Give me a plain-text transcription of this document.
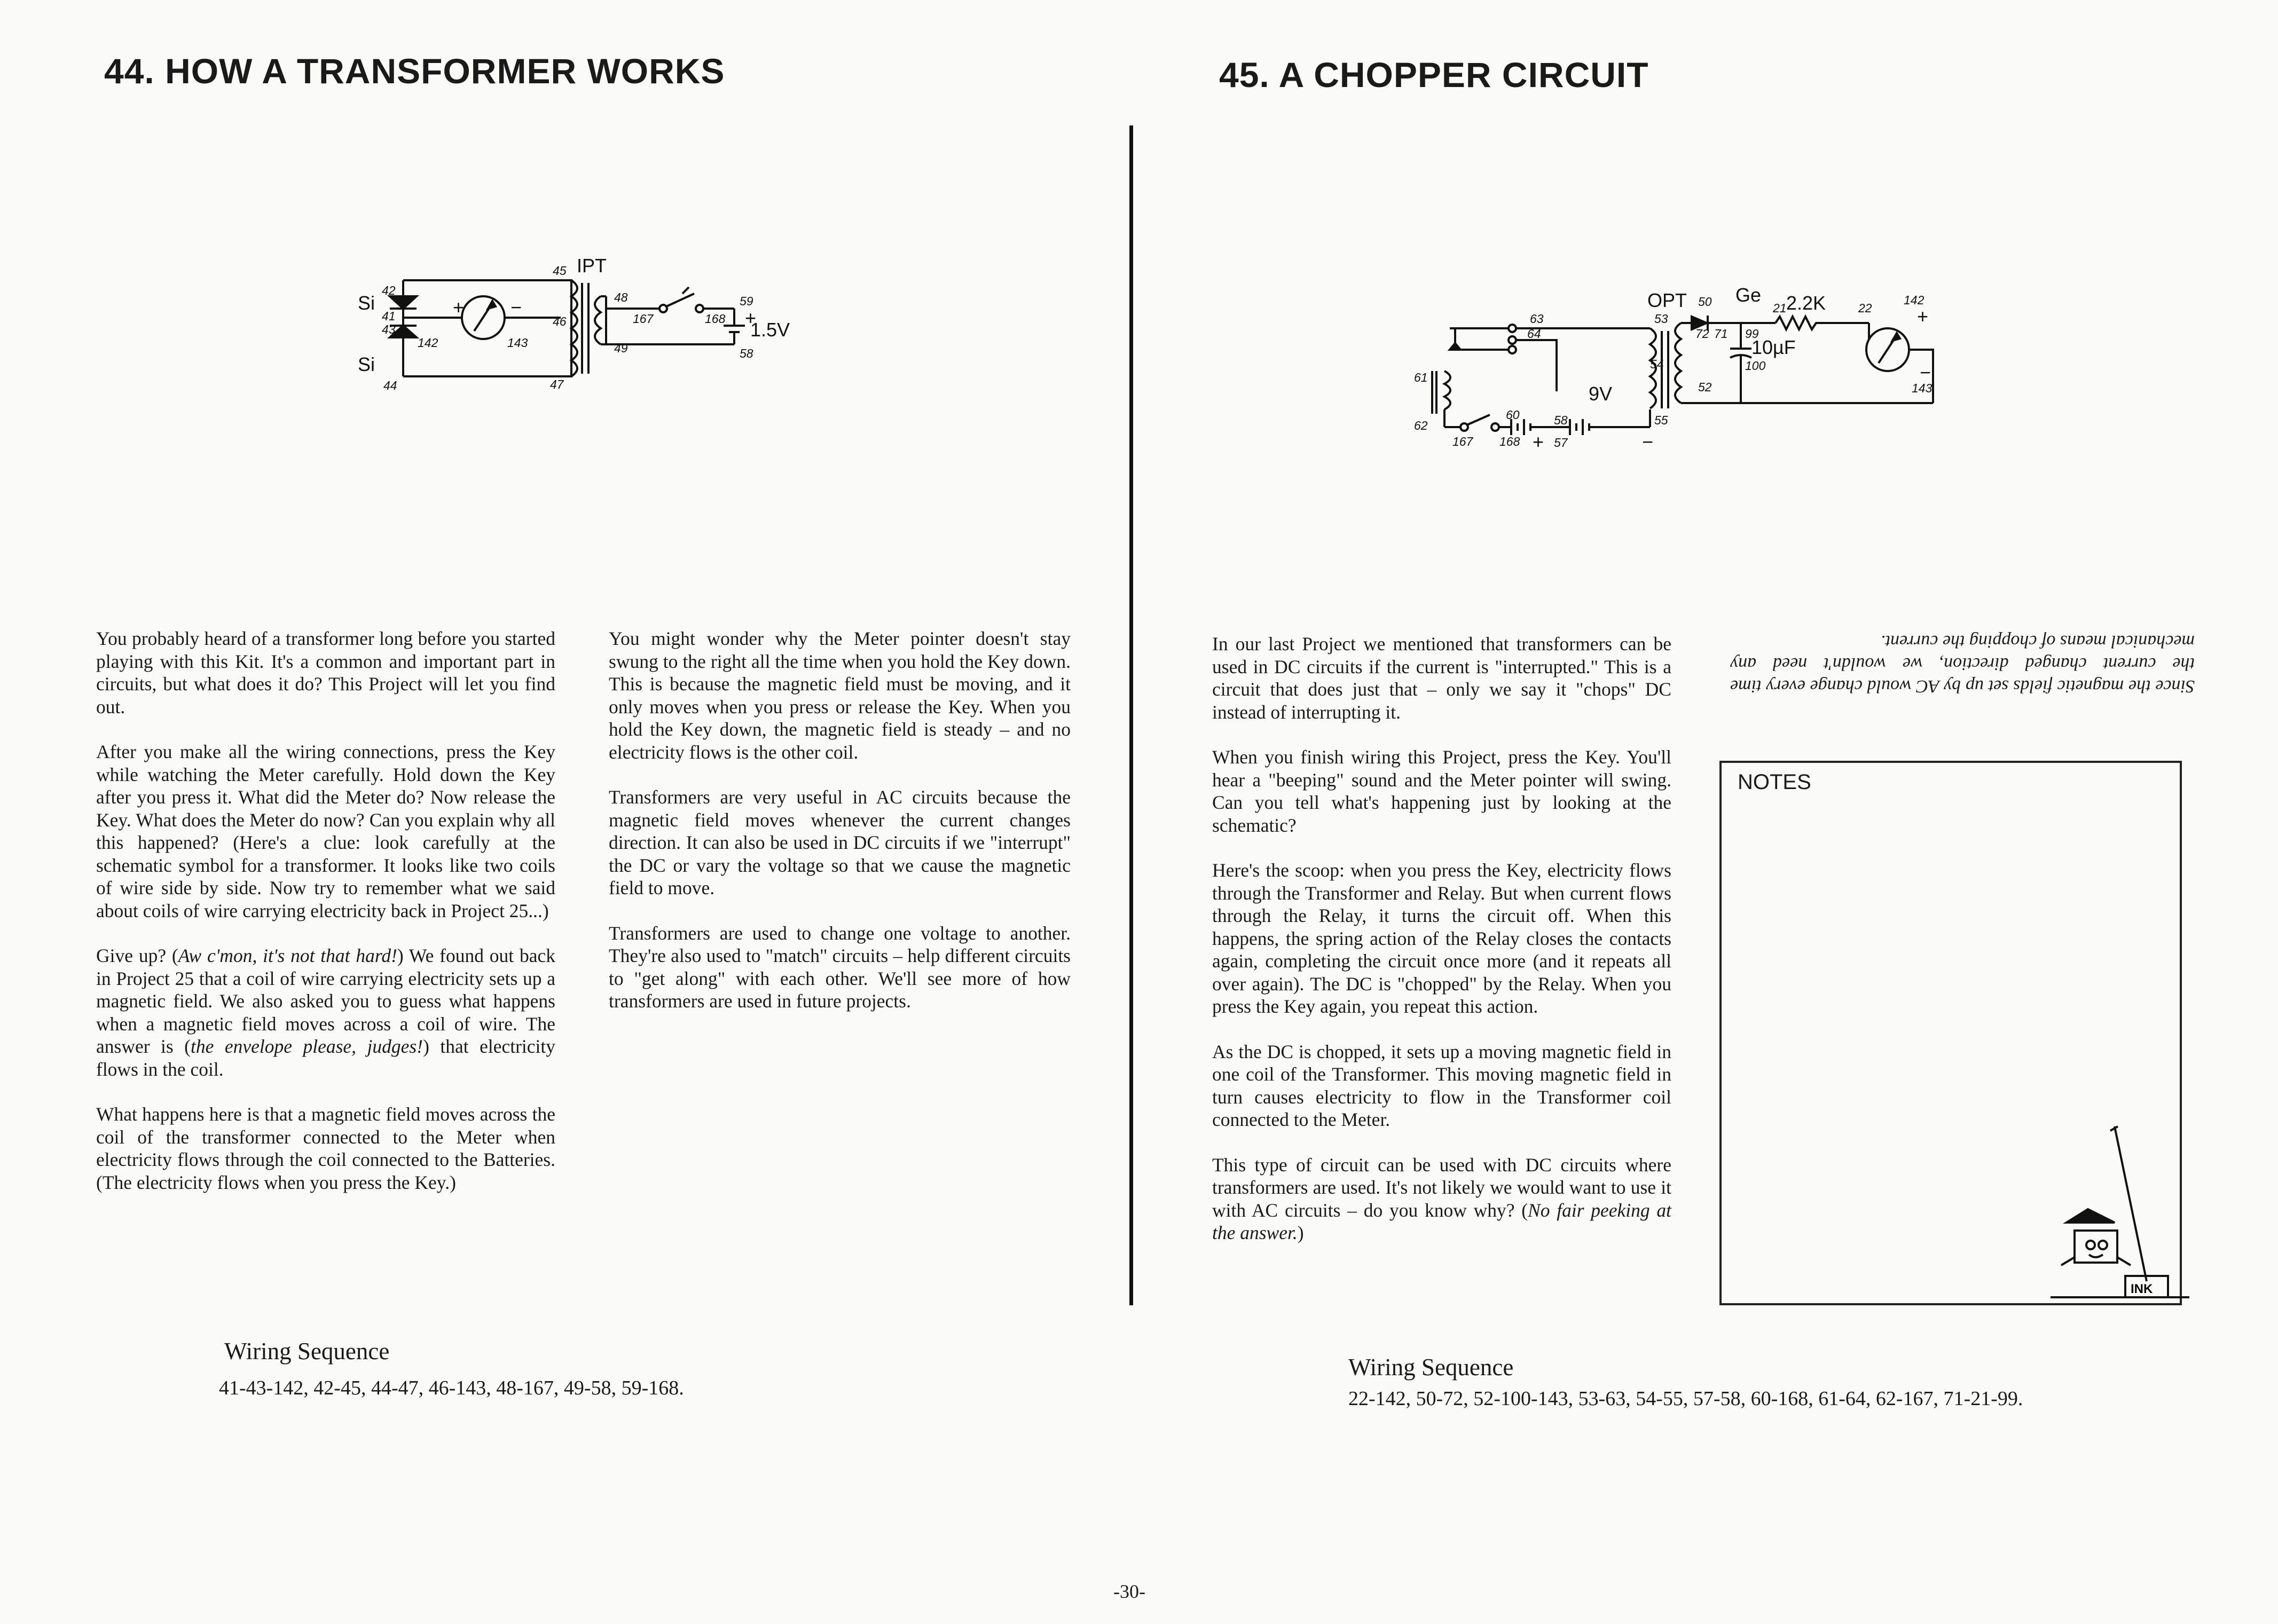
44. HOW A TRANSFORMER WORKS
IPT
Si
Si
1.5V
+
+ −
42
41
43
44
142	143
45
46
47
48
49
167	168
59
58

You probably heard of a transformer long before you started playing with this Kit. It's a common and important part in circuits, but what does it do? This Project will let you find out.

After you make all the wiring connections, press the Key while watching the Meter carefully. Hold down the Key after you press it. What did the Meter do? Now release the Key. What does the Meter do now? Can you explain why all this happened? (Here's a clue: look carefully at the schematic symbol for a transformer. It looks like two coils of wire side by side. Now try to remember what we said about coils of wire carrying electricity back in Project 25...)

Give up? (Aw c'mon, it's not that hard!) We found out back in Project 25 that a coil of wire carrying electricity sets up a magnetic field. We also asked you to guess what happens when a magnetic field moves across a coil of wire. The answer is (the envelope please, judges!) that electricity flows in the coil.

What happens here is that a magnetic field moves across the coil of the transformer connected to the Meter when electricity flows through the coil connected to the Batteries. (The electricity flows when you press the Key.)

You might wonder why the Meter pointer doesn't stay swung to the right all the time when you hold the Key down. This is because the magnetic field must be moving, and it only moves when you press or release the Key. When you hold the Key down, the magnetic field is steady – and no electricity flows is the other coil.

Transformers are very useful in AC circuits because the magnetic field moves whenever the current changes direction. It can also be used in DC circuits if we "interrupt" the DC or vary the voltage so that we cause the magnetic field to move.

Transformers are used to change one voltage to another. They're also used to "match" circuits – help different circuits to "get along" with each other. We'll see more of how transformers are used in future projects.

Wiring Sequence
41-43-142, 42-45, 44-47, 46-143, 48-167, 49-58, 59-168.
45. A CHOPPER CIRCUIT
OPT	Ge 2.2K
10µF
9V
+
−
+	−
63
64
61
62
167 168
60	58
57
55
53
54
50
52
72 71 99
100
21	22
142
143

In our last Project we mentioned that transformers can be used in DC circuits if the current is "interrupted." This is a circuit that does just that – only we say it "chops" DC instead of interrupting it.

When you finish wiring this Project, press the Key. You'll hear a "beeping" sound and the Meter pointer will swing. Can you tell what's happening just by looking at the schematic?

Here's the scoop: when you press the Key, electricity flows through the Transformer and Relay. But when current flows through the Relay, it turns the circuit off. When this happens, the spring action of the Relay closes the contacts again, completing the circuit once more (and it repeats all over again). The DC is "chopped" by the Relay. When you press the Key again, you repeat this action.

As the DC is chopped, it sets up a moving magnetic field in one coil of the Transformer. This moving magnetic field in turn causes electricity to flow in the Transformer coil connected to the Meter.

This type of circuit can be used with DC circuits where transformers are used. It's not likely we would want to use it with AC circuits – do you know why? (No fair peeking at the answer.)

Since the magnetic fields set up by AC would change every time the current changed direction, we wouldn't need any mechanical means of chopping the current.

NOTES
INK
Wiring Sequence
22-142, 50-72, 52-100-143, 53-63, 54-55, 57-58, 60-168, 61-64, 62-167, 71-21-99.
-30-
